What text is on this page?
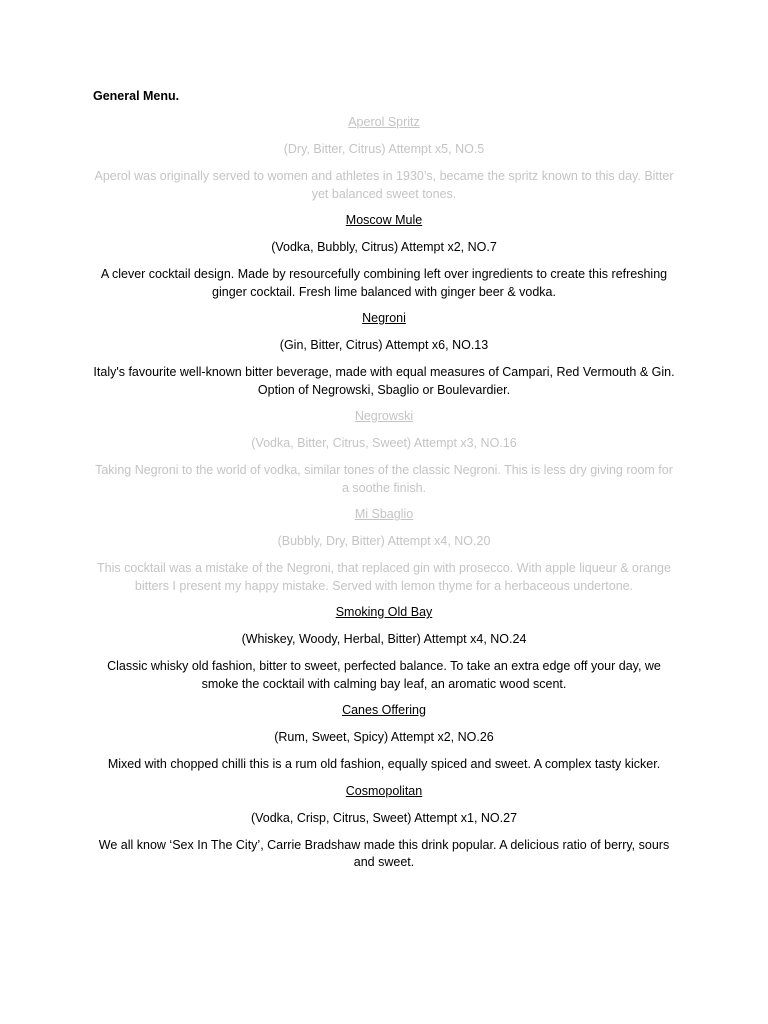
General Menu.

Aperol Spritz

(Dry, Bitter, Citrus) Attempt x5, NO.5

Aperol was originally served to women and athletes in 1930’s, became the spritz known to this day. Bitter yet balanced sweet tones.

Moscow Mule

(Vodka, Bubbly, Citrus) Attempt x2, NO.7

A clever cocktail design. Made by resourcefully combining left over ingredients to create this refreshing ginger cocktail. Fresh lime balanced with ginger beer & vodka.

Negroni

(Gin, Bitter, Citrus) Attempt x6, NO.13

Italy's favourite well-known bitter beverage, made with equal measures of Campari, Red Vermouth & Gin. Option of Negrowski, Sbaglio or Boulevardier.

Negrowski

(Vodka, Bitter, Citrus, Sweet) Attempt x3, NO.16

Taking Negroni to the world of vodka, similar tones of the classic Negroni. This is less dry giving room for a soothe finish.

Mi Sbaglio

(Bubbly, Dry, Bitter) Attempt x4, NO.20

This cocktail was a mistake of the Negroni, that replaced gin with prosecco. With apple liqueur & orange bitters I present my happy mistake. Served with lemon thyme for a herbaceous undertone.

Smoking Old Bay

(Whiskey, Woody, Herbal, Bitter) Attempt x4, NO.24

Classic whisky old fashion, bitter to sweet, perfected balance. To take an extra edge off your day, we smoke the cocktail with calming bay leaf, an aromatic wood scent.

Canes Offering

(Rum, Sweet, Spicy) Attempt x2, NO.26

Mixed with chopped chilli this is a rum old fashion, equally spiced and sweet. A complex tasty kicker.

Cosmopolitan

(Vodka, Crisp, Citrus, Sweet) Attempt x1, NO.27

We all know ‘Sex In The City’, Carrie Bradshaw made this drink popular. A delicious ratio of berry, sours and sweet.
